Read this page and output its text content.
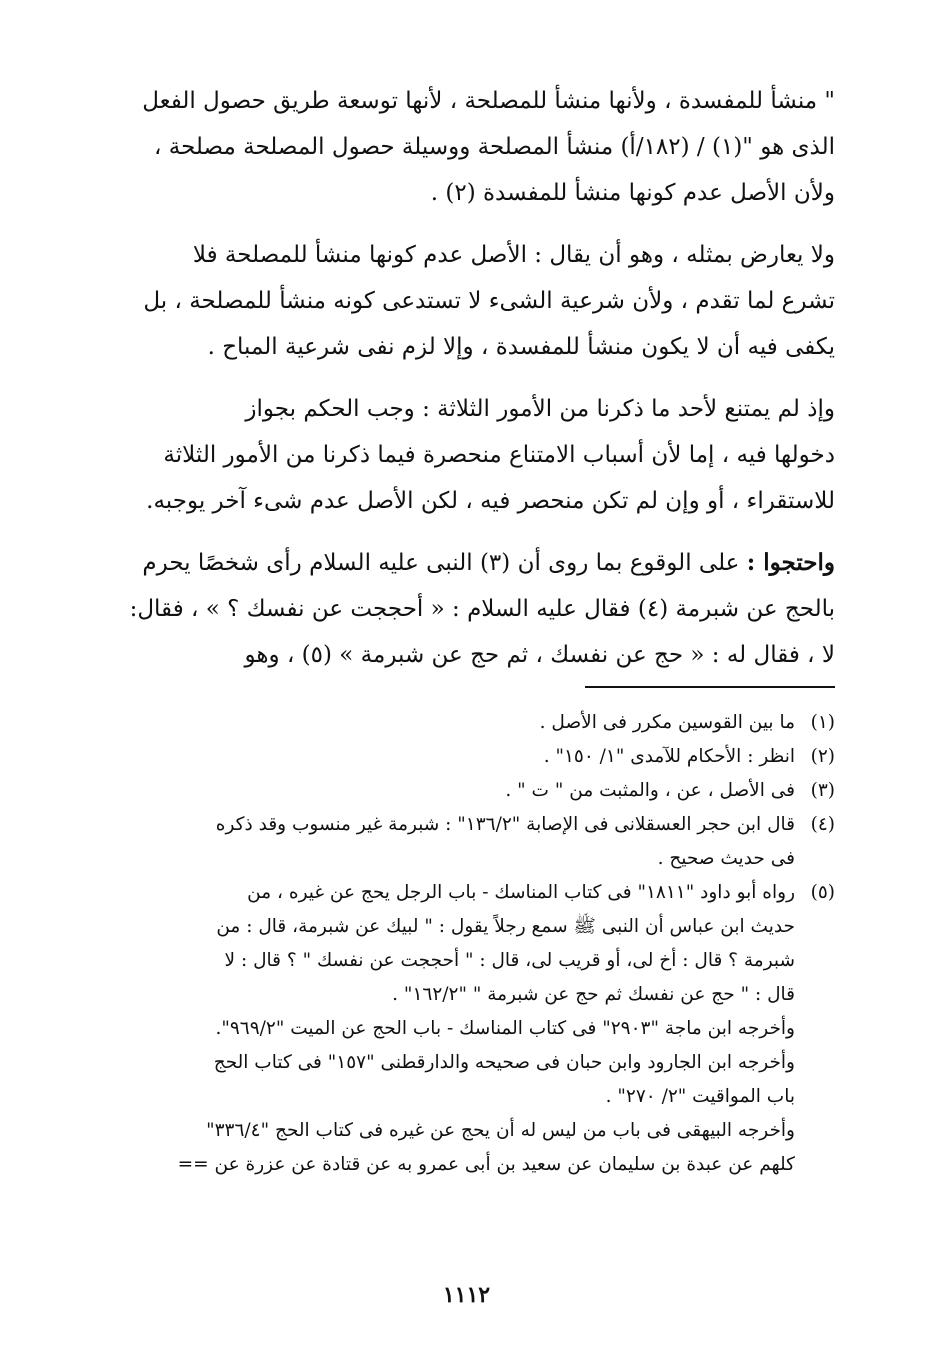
" منشأ للمفسدة ، ولأنها منشأ للمصلحة ، لأنها توسعة طريق حصول الفعل
الذى هو "(١) / (١٨٢/أ) منشأ المصلحة ووسيلة حصول المصلحة مصلحة ،
ولأن الأصل عدم كونها منشأ للمفسدة (٢) .

ولا يعارض بمثله ، وهو أن يقال : الأصل عدم كونها منشأ للمصلحة فلا
تشرع لما تقدم ، ولأن شرعية الشىء لا تستدعى كونه منشأ للمصلحة ، بل
يكفى فيه أن لا يكون منشأ للمفسدة ، وإلا لزم نفى شرعية المباح .

وإذ لم يمتنع لأحد ما ذكرنا من الأمور الثلاثة : وجب الحكم بجواز
دخولها فيه ، إما لأن أسباب الامتناع منحصرة فيما ذكرنا من الأمور الثلاثة
للاستقراء ، أو وإن لم تكن منحصر فيه ، لكن الأصل عدم شىء آخر يوجبه.

واحتجوا : على الوقوع بما روى أن (٣) النبى عليه السلام رأى شخصًا يحرم
بالحج عن شبرمة (٤) فقال عليه السلام : « أحججت عن نفسك ؟ » ، فقال:
لا ، فقال له : « حج عن نفسك ، ثم حج عن شبرمة » (٥) ، وهو

(١)
ما بين القوسين مكرر فى الأصل .
(٢)
انظر : الأحكام للآمدى "١/ ١٥٠" .
(٣)
فى الأصل ، عن ، والمثبت من " ت " .
(٤)
قال ابن حجر العسقلانى فى الإصابة "١٣٦/٢" : شبرمة غير منسوب وقد ذكره
فى حديث صحيح .
(٥)
رواه أبو داود "١٨١١" فى كتاب المناسك - باب الرجل يحج عن غيره ، من
حديث ابن عباس أن النبى ﷺ سمع رجلاً يقول : " لبيك عن شبرمة، قال : من
شبرمة ؟ قال : أخ لى، أو قريب لى، قال : " أحججت عن نفسك " ؟ قال : لا
قال : " حج عن نفسك ثم حج عن شبرمة " "١٦٢/٢" .
وأخرجه ابن ماجة "٢٩٠٣" فى كتاب المناسك - باب الحج عن الميت "٩٦٩/٢".
وأخرجه ابن الجارود وابن حبان فى صحيحه والدارقطنى "١٥٧" فى كتاب الحج
باب المواقيت "٢/ ٢٧٠" .
وأخرجه البيهقى فى باب من ليس له أن يحج عن غيره فى كتاب الحج "٣٣٦/٤"
كلهم عن عبدة بن سليمان عن سعيد بن أبى عمرو به عن قتادة عن عزرة عن ==
١١١٢
